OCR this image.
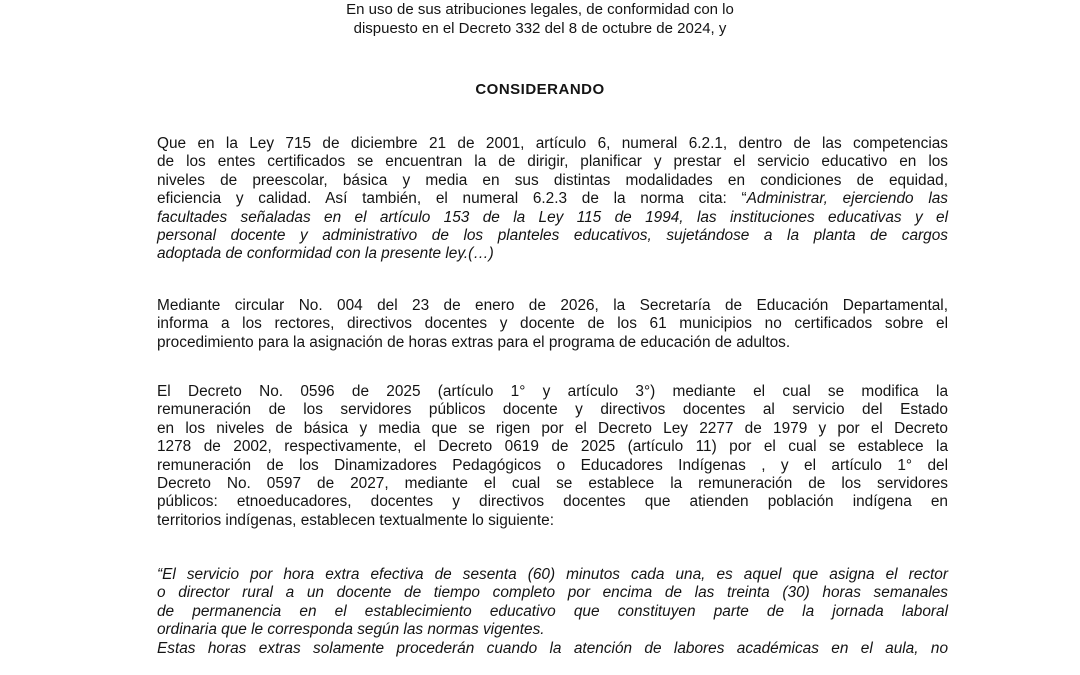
En uso de sus atribuciones legales, de conformidad con lo
dispuesto en el Decreto 332 del 8 de octubre de 2024, y
CONSIDERANDO
Que en la Ley 715 de diciembre 21 de 2001, artículo 6, numeral 6.2.1, dentro de las competencias
de los entes certificados se encuentran la de dirigir, planificar y prestar el servicio educativo en los
niveles de preescolar, básica y media en sus distintas modalidades en condiciones de equidad,
eficiencia y calidad. Así también, el numeral 6.2.3 de la norma cita: “Administrar, ejerciendo las
facultades señaladas en el artículo 153 de la Ley 115 de 1994, las instituciones educativas y el
personal docente y administrativo de los planteles educativos, sujetándose a la planta de cargos
adoptada de conformidad con la presente ley.(…)
Mediante circular No. 004 del 23 de enero de 2026, la Secretaría de Educación Departamental,
informa a los rectores, directivos docentes y docente de los 61 municipios no certificados sobre el
procedimiento para la asignación de horas extras para el programa de educación de adultos.
El Decreto No. 0596 de 2025 (artículo 1° y artículo 3°) mediante el cual se modifica la
remuneración de los servidores públicos docente y directivos docentes al servicio del Estado
en los niveles de básica y media que se rigen por el Decreto Ley 2277 de 1979 y por el Decreto
1278 de 2002, respectivamente, el Decreto 0619 de 2025 (artículo 11) por el cual se establece la
remuneración de los Dinamizadores Pedagógicos o Educadores Indígenas , y el artículo 1° del
Decreto No. 0597 de 2027, mediante el cual se establece la remuneración de los servidores
públicos: etnoeducadores, docentes y directivos docentes que atienden población indígena en
territorios indígenas, establecen textualmente lo siguiente:
“El servicio por hora extra efectiva de sesenta (60) minutos cada una, es aquel que asigna el rector
o director rural a un docente de tiempo completo por encima de las treinta (30) horas semanales
de permanencia en el establecimiento educativo que constituyen parte de la jornada laboral
ordinaria que le corresponda según las normas vigentes.
Estas horas extras solamente procederán cuando la atención de labores académicas en el aula, no
